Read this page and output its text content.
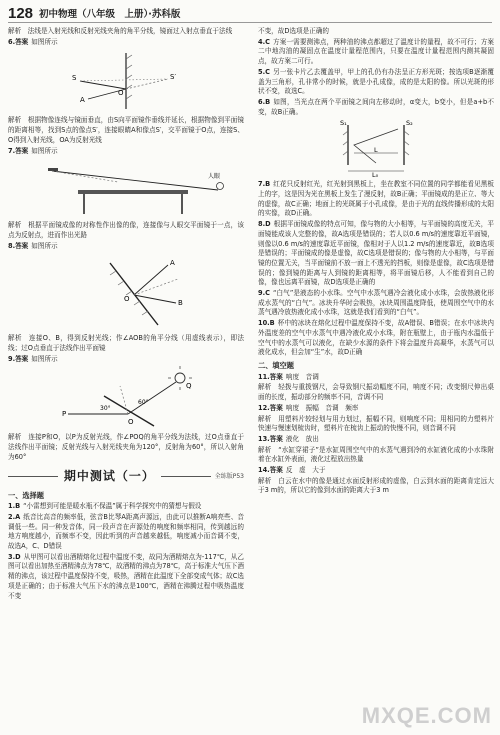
128 初中物理（八年级　上册）·苏科版

解析　法线是入射光线和反射光线夹角的角平分线，镜面过入射点垂直于法线

6.答案 如图所示

S	S′
O
A

解析　根据物像连线与镜面垂直，由S向平面镜作垂线并延长，根据物像到平面镜的距离相等，找到S点的像点S′，连接眼睛A和像点S′，交平面镜于O点，连接S、O得到入射光线，OA为反射光线

7.答案 如图所示

人眼

解析　根据平面镜成像的对称性作出像的像，连接像与人眼交平面镜于一点，该点为反射点，进而作出光路

8.答案 如图所示

A
O	B

解析　连接O、B，得到反射光线；作∠AOB的角平分线（用虚线表示），即法线；过O点垂直于法线作出平面镜

9.答案 如图所示

60°
30°
P
O
Q

解析　连接P和O，以P为反射光线，作∠POQ的角平分线为法线，过O点垂直于法线作出平面镜；反射光线与入射光线夹角为120°，反射角为60°，所以入射角为60°

期中测试（一）	全练版P53
一、选择题

1.B “小雷想到可能是暖水瓶不保温”属于科学探究中的猜想与假设

2.A 纸音比高音的频率低，弦音B比琴A距离声源远，由此可以推断A响亮些、音调低一些。同一种发音体，同一段声音在声源处的响度和频率相同，传到越远的地方响度越小，而频率不变，因此听到的声音越来越低，响度减小而音调不变，故选A，C、D错误

3.D 从甲图可以看出酒精熔化过程中温度不变，故同为酒精熔点为-117℃，从乙图可以看出加热至酒精沸点为78℃，故酒精的沸点为78℃，高于标准大气压下酒精的沸点，该过程中温度保持不变，吸热，酒精在此温度下全部变成气体；故C选项是正确的；由于标准大气压下水的沸点是100℃，酒精在沸腾过程中吸热温度不变

不变，故D选项是正确的

4.C 方案一需要测沸点，两种油的沸点都超过了温度计的量程，故不可行；方案二中地沟油的凝固点在温度计量程范围内，只要在温度计量程范围内测其凝固点，故方案二可行。

5.C 另一张卡片乙去覆盖甲，甲上的孔仍有办法呈正方形光斑；按选项B逐渐覆盖为三角形，孔非常小的时候，就是小孔成像，成的是太阳的像。所以光斑的形状不变，故选C。

6.B 如图，当光点在两个平面镜之间向左移动时，α变大，b变小，但是a+b不变，故B正确。

S₁	S₂
L
L₀

7.B 红花只反射红光，红光射到黑板上，坐在教室不同位置的同学都能看见黑板上的字，这是因为光在黑板上发生了漫反射，故B正确；平面镜成的是正立、等大的虚像，故C正确；地面上的光斑属于小孔成像，是由于光的直线传播形成的太阳的实像，故D正确。

8.D 根据平面镜成像的特点可知，像与物的大小相等，与平面镜的高度无关，平面镜能成该人完整的像，故A选项是错误的；若人以0.6 m/s的速度靠近平面镜，则像以0.6 m/s的速度靠近平面镜，像相对于人以1.2 m/s的速度靠近，故B选项是错误的；平面镜成的像是虚像，故C选项是错误的；像与物的大小相等，与平面镜的位置无关，当平面镜前不放一面上不透光的挡板，则像是虚像，故C选项是错误的；像到镜的距离与人到镜的距离相等，将平面镜后移，人不能看到自己的像，像也远离平面镜，故D选项是正确的

9.C “白气”是液态的小水珠。空气中水蒸气遇冷会液化成小水珠，会放热液化形成水蒸气的“白气”。冰块升华时会吸热，冰块周围温度降低，使周围空气中的水蒸气遇冷放热液化成小水珠，这就是我们看到的“白气”。

10.B 杯中的冰块在熔化过程中温度保持不变，故A错误、B错误；在水中冰块内外温度差的空气中水蒸气中遇冷液化成小水珠，附在瓶壁上，由于瓶内水温低于空气中的水蒸气可以液化，在缺少水源的条件下将会温度升高凝华，水蒸气可以液化成水，但会加“生”水，故D正确

二、填空题

11.答案 响度　音调

解析　轻拨与重拨钢尺，会导致钢尺振动幅度不同，响度不同；改变钢尺伸出桌面的长度，振动部分的频率不同，音调不同

12.答案 响度　振幅　音调　频率

解析　用塑料片较轻划与用力划过，振幅不同，则响度不同；用相同的力塑料片快速与慢速划梳齿时，塑料片在梳齿上振动的快慢不同，则音调不同

13.答案 液化　放出

解析　“水缸穿裙子”是水缸周围空气中的水蒸气遇到冷的水缸液化成的小水珠附着在水缸外表面，液化过程放出热量

14.答案 反　虚　大于

解析　白云在水中的像是通过水面反射形成的虚像，白云到水面的距离肯定远大于3 m的，所以它的像到水面的距离大于3 m

MXQE.COM
